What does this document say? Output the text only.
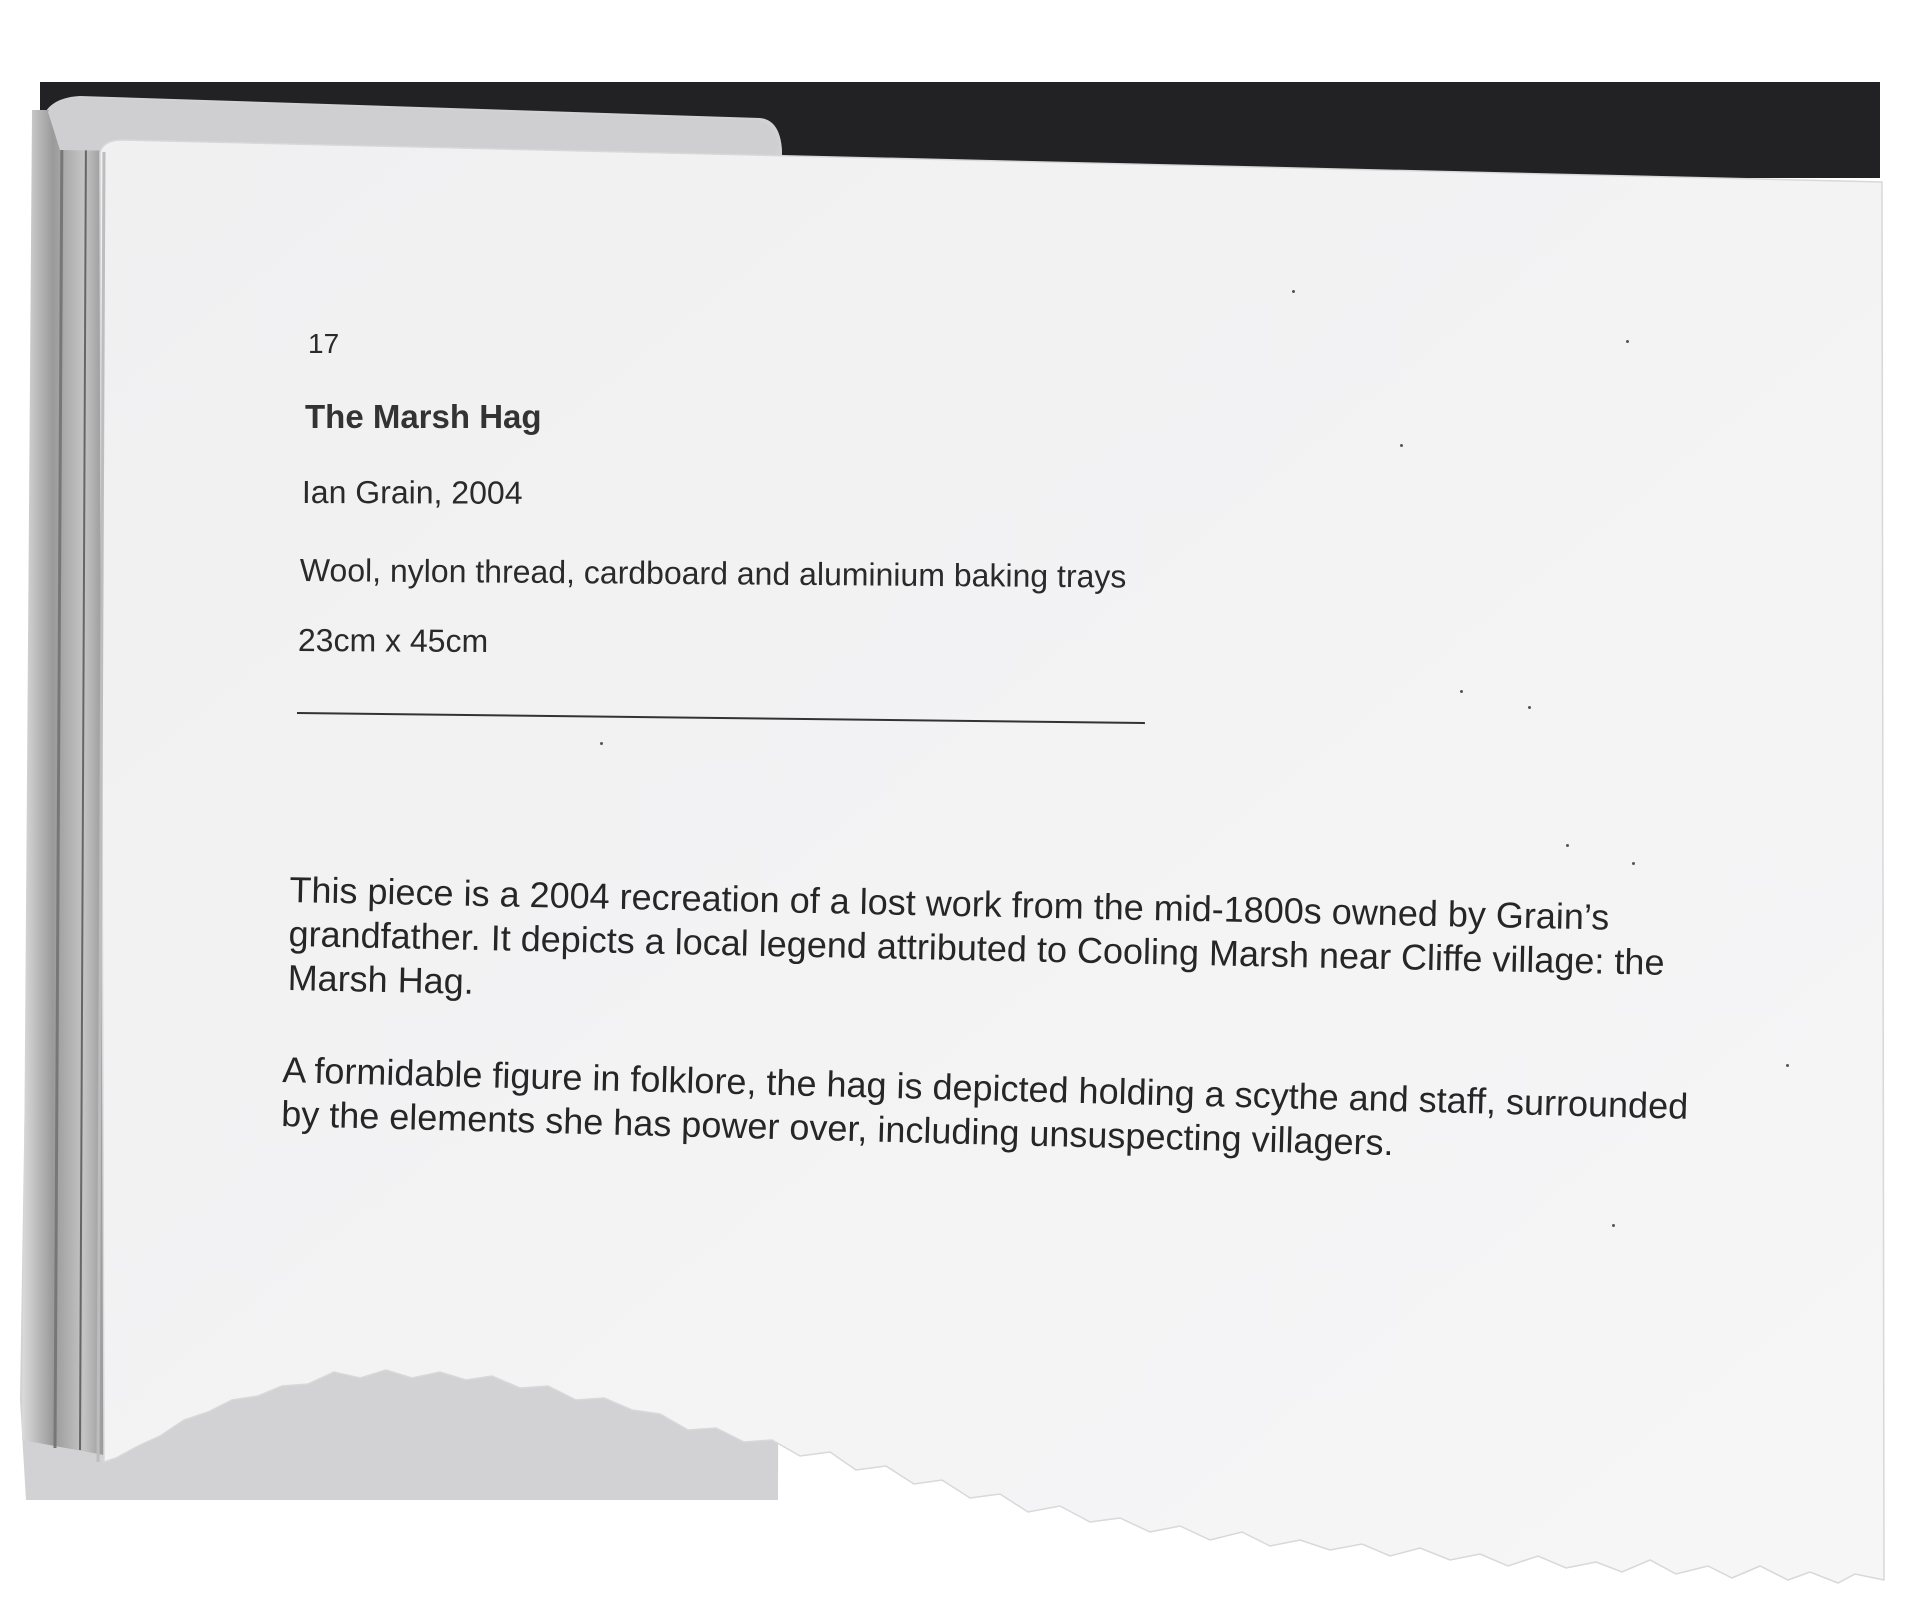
17
The Marsh Hag
Ian Grain, 2004
Wool, nylon thread, cardboard and aluminium baking trays
23cm x 45cm
This piece is a 2004 recreation of a lost work from the mid-1800s owned by Grain’s
grandfather. It depicts a local legend attributed to Cooling Marsh near Cliffe village: the
Marsh Hag.
A formidable figure in folklore, the hag is depicted holding a scythe and staff, surrounded
by the elements she has power over, including unsuspecting villagers.
